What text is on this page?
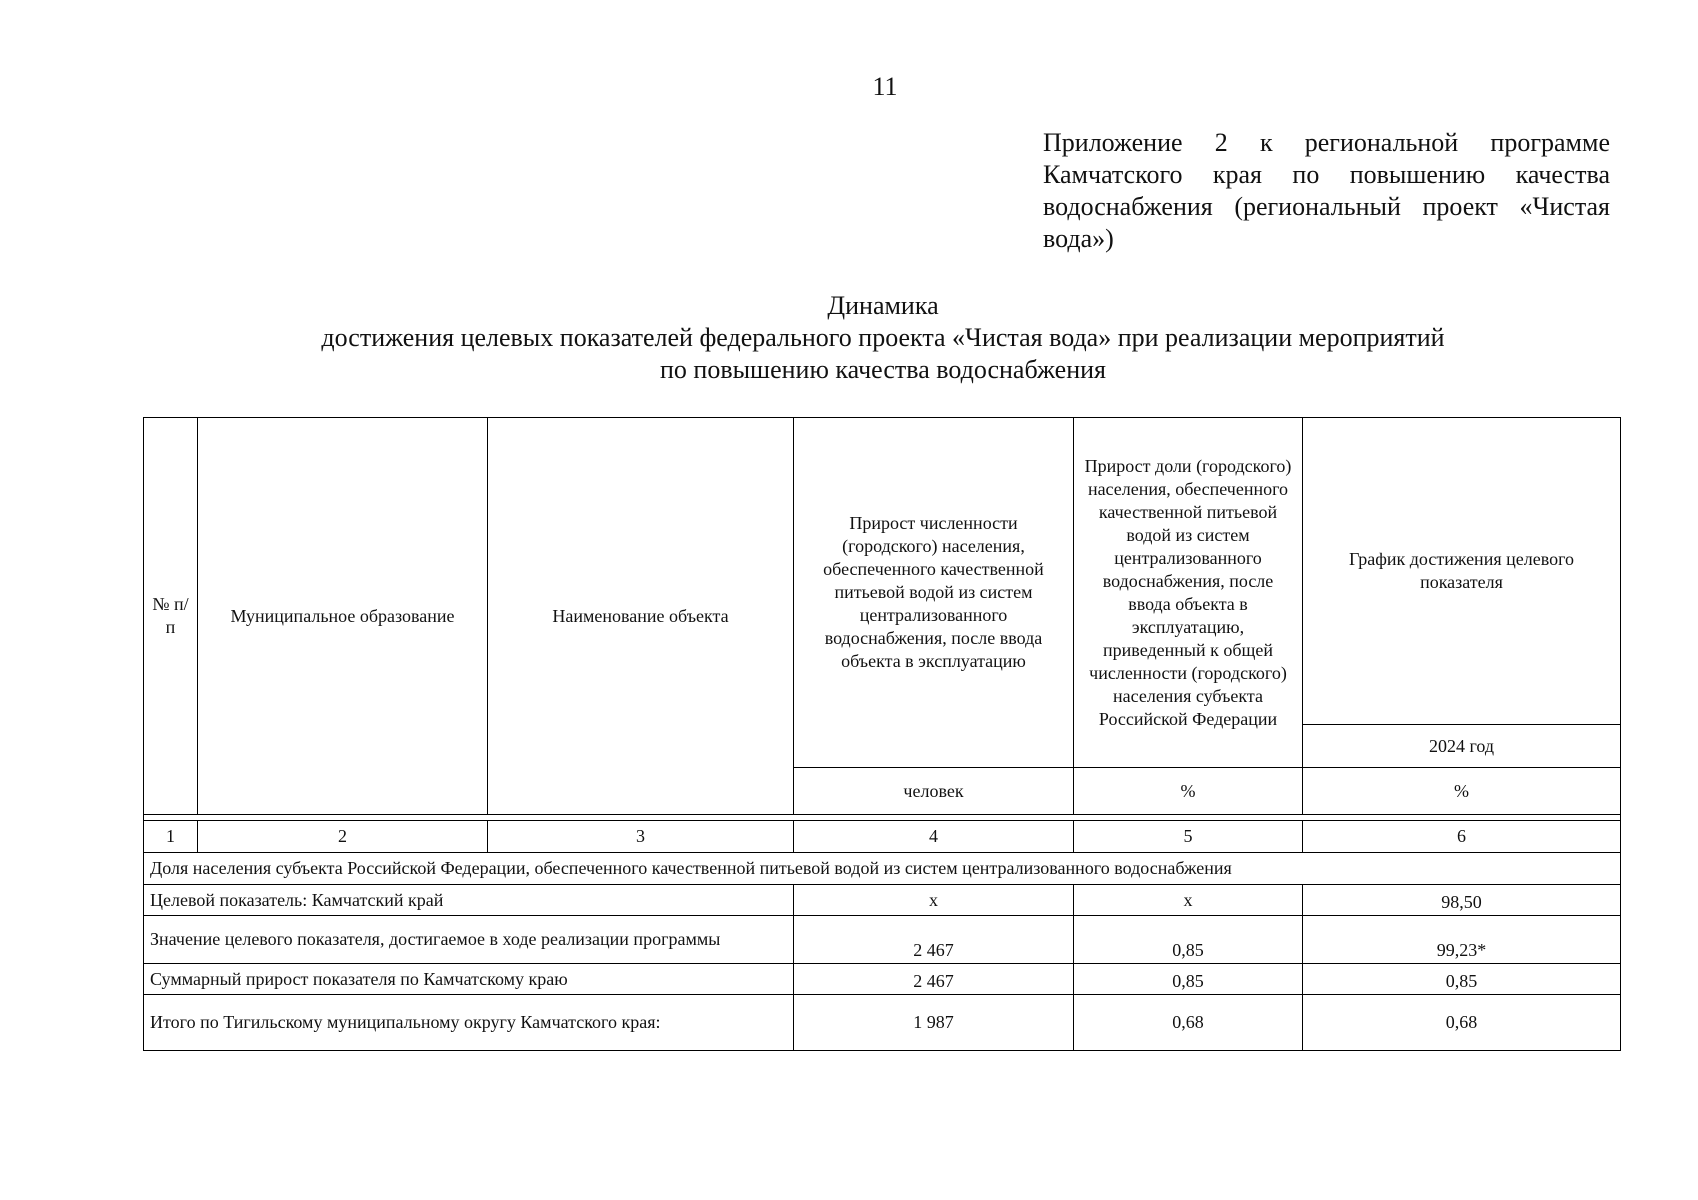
11
Приложение 2 к региональной программе Камчатского края по повышению качества водоснабжения (региональный проект «Чистая вода»)
Динамика
достижения целевых показателей федерального проекта «Чистая вода» при реализации мероприятий
по повышению качества водоснабжения
№ п/п	Муниципальное образование	Наименование объекта	Прирост численности (городского) населения, обеспеченного качественной питьевой водой из систем централизованного водоснабжения, после ввода объекта в эксплуатацию	Прирост доли (городского) населения, обеспеченного качественной питьевой водой из систем централизованного водоснабжения, после ввода объекта в эксплуатацию, приведенный к общей численности (городского) населения субъекта Российской Федерации	График достижения целевого показателя
					2024 год
			человек	%	%

1	2	3	4	5	6
Доля населения субъекта Российской Федерации, обеспеченного качественной питьевой водой из систем централизованного водоснабжения					
Целевой показатель: Камчатский край			х	х	98,50
Значение целевого показателя, достигаемое в ходе реализации программы			2 467	0,85	99,23*
Суммарный прирост показателя по Камчатскому краю			2 467	0,85	0,85
Итого по Тигильскому муниципальному округу Камчатского края:			1 987	0,68	0,68
